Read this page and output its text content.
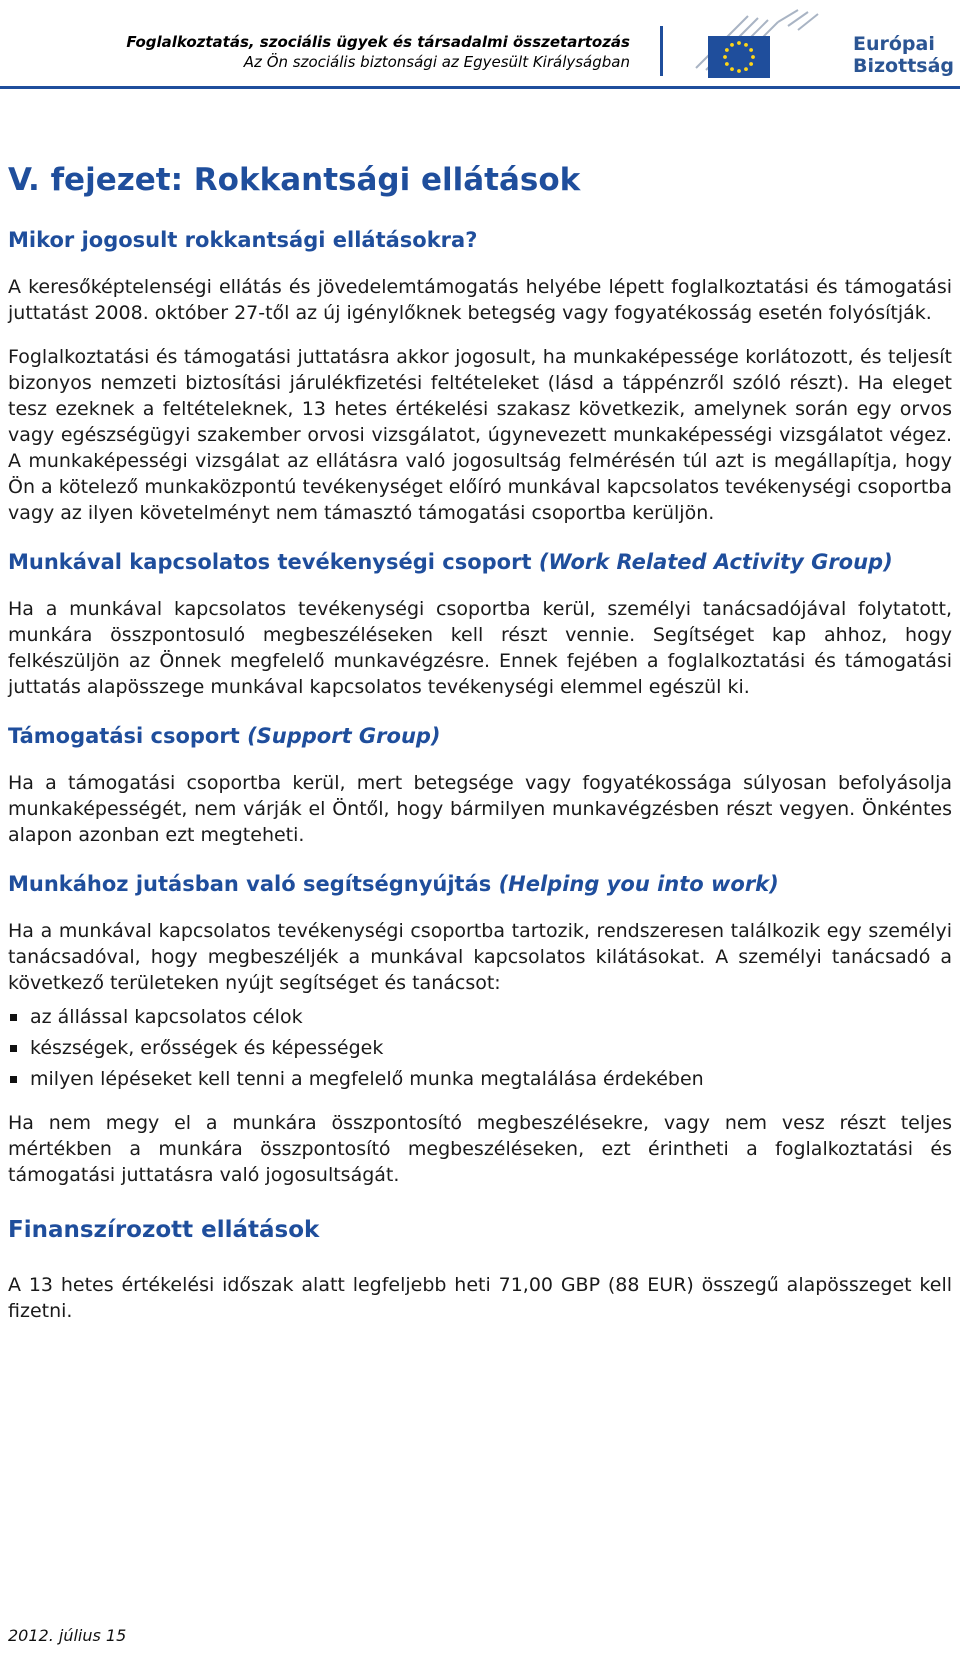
Foglalkoztatás, szociális ügyek és társadalmi összetartozás
Az Ön szociális biztonsági az Egyesült Királyságban
Európai
Bizottság
V. fejezet: Rokkantsági ellátások
Mikor jogosult rokkantsági ellátásokra?

A keresőképtelenségi ellátás és jövedelemtámogatás helyébe lépett foglalkoztatási és támogatási juttatást 2008. október 27-től az új igénylőknek betegség vagy fogyatékosság esetén folyósítják.

Foglalkoztatási és támogatási juttatásra akkor jogosult, ha munkaképessége korlátozott, és teljesít bizonyos nemzeti biztosítási járulékfizetési feltételeket (lásd a táppénzről szóló részt). Ha eleget tesz ezeknek a feltételeknek, 13 hetes értékelési szakasz következik, amelynek során egy orvos vagy egészségügyi szakember orvosi vizsgálatot, úgynevezett munkaképességi vizsgálatot végez. A munkaképességi vizsgálat az ellátásra való jogosultság felmérésén túl azt is megállapítja, hogy Ön a kötelező munkaközpontú tevékenységet előíró munkával kapcsolatos tevékenységi csoportba vagy az ilyen követelményt nem támasztó támogatási csoportba kerüljön.

Munkával kapcsolatos tevékenységi csoport (Work Related Activity Group)

Ha a munkával kapcsolatos tevékenységi csoportba kerül, személyi tanácsadójával folytatott, munkára összpontosuló megbeszéléseken kell részt vennie. Segítséget kap ahhoz, hogy felkészüljön az Önnek megfelelő munkavégzésre. Ennek fejében a foglalkoztatási és támogatási juttatás alapösszege munkával kapcsolatos tevékenységi elemmel egészül ki.

Támogatási csoport (Support Group)

Ha a támogatási csoportba kerül, mert betegsége vagy fogyatékossága súlyosan befolyásolja munkaképességét, nem várják el Öntől, hogy bármilyen munkavégzésben részt vegyen. Önkéntes alapon azonban ezt megteheti.

Munkához jutásban való segítségnyújtás (Helping you into work)

Ha a munkával kapcsolatos tevékenységi csoportba tartozik, rendszeresen találkozik egy személyi tanácsadóval, hogy megbeszéljék a munkával kapcsolatos kilátásokat. A személyi tanácsadó a következő területeken nyújt segítséget és tanácsot:

az állással kapcsolatos célok
készségek, erősségek és képességek
milyen lépéseket kell tenni a megfelelő munka megtalálása érdekében

Ha nem megy el a munkára összpontosító megbeszélésekre, vagy nem vesz részt teljes mértékben a munkára összpontosító megbeszéléseken, ezt érintheti a foglalkoztatási és támogatási juttatásra való jogosultságát.

Finanszírozott ellátások

A 13 hetes értékelési időszak alatt legfeljebb heti 71,00 GBP (88 EUR) összegű alapösszeget kell fizetni.

2012. július 15
